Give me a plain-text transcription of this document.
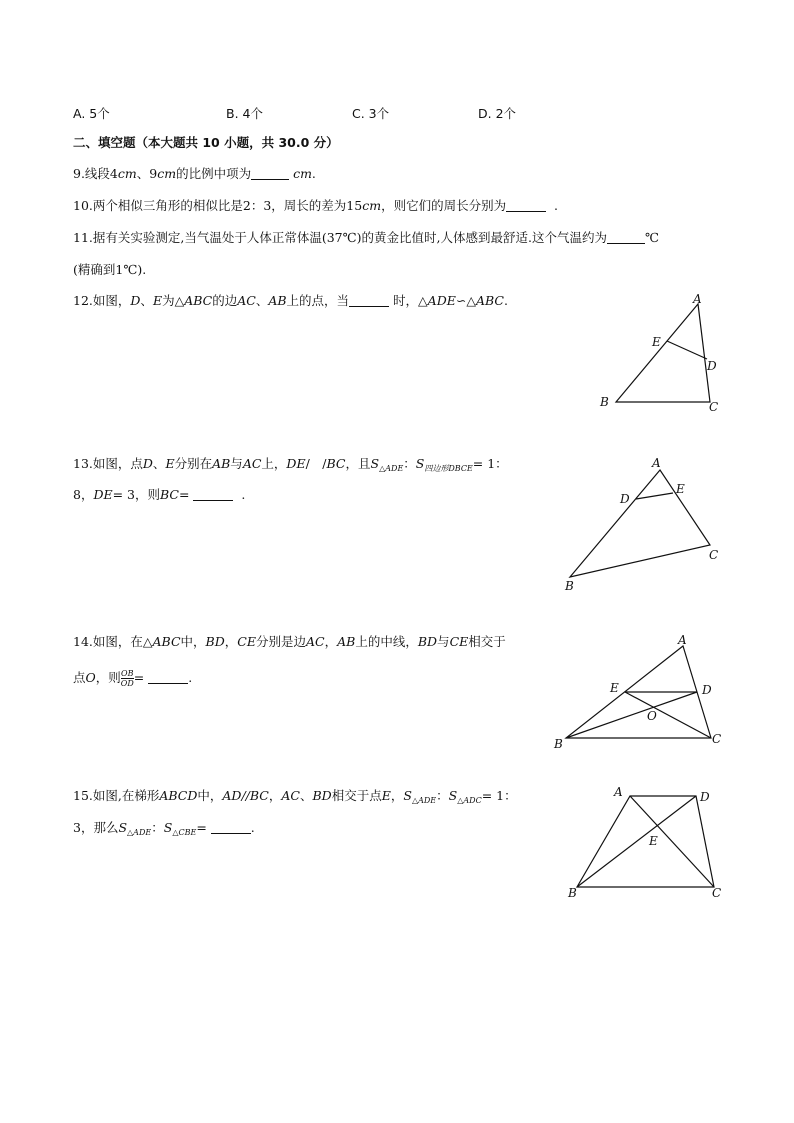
A. 5个	B. 4个	C. 3个	D. 2个
二、填空题（本大题共 10 小题，共 30.0 分）
9.线段4cm、9cm的比例中项为	cm.
10.两个相似三角形的相似比是2：3，周长的差为15cm，则它们的周长分别为	.
11.据有关实验测定,当气温处于人体正常体温(37℃)的黄金比值时,人体感到最舒适.这个气温约为	℃
(精确到1℃).
12.如图，D、E为△ABC的边AC、AB上的点，当	时，△ADE∽△ABC.	A
B	C
D
E
13.如图，点D、E分别在AB与AC上，DE/　/BC，且$S_{\triangle ADE}$：$S_{四边形DBCE}= 1$：
8，DE= 3，则BC=	.
A
B
C
D
E
14.如图，在△ABC中，BD，CE分别是边AC，AB上的中线，BD与CE相交于
点O，则 $\frac{OB}{OD}$ =	.
A
B	C
D
E
O
15.如图,在梯形ABCD中，AD//BC，AC、BD相交于点E，$S_{\triangle ADE}$：$S_{\triangle ADC}= 1$：
3，那么$S_{\triangle ADE}$：$S_{\triangle CBE}=$	.
A
B	C
D
E
